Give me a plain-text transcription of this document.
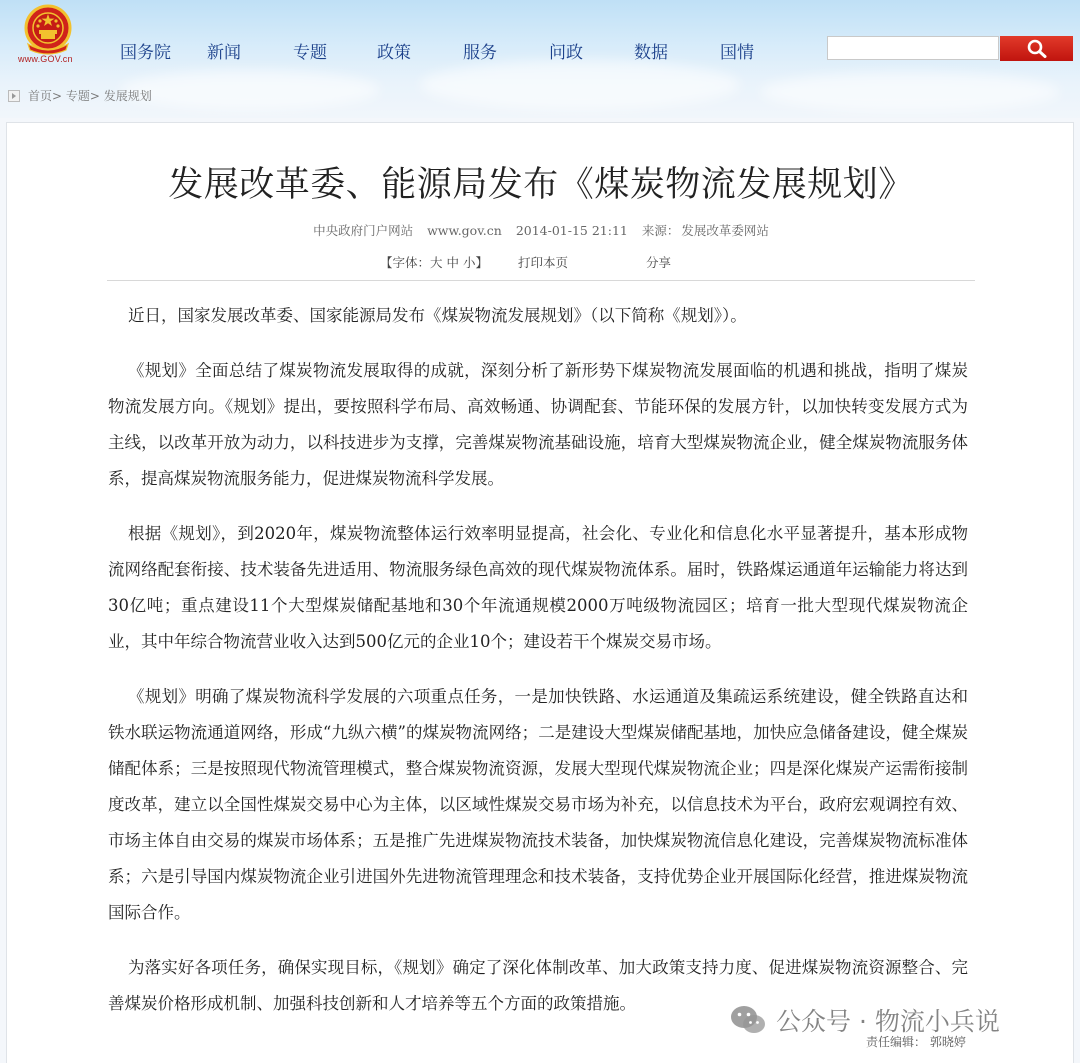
www.GOV.cn	国务院 新闻	专题	政策	服务	问政	数据	国情
首页 > 专题 > 发展规划
发展改革委、能源局发布《煤炭物流发展规划》
中央政府门户网站 www.gov.cn 2014-01-15 21:11 来源： 发展改革委网站
【字体：大 中 小】 打印本页	分享

近日，国家发展改革委、国家能源局发布《煤炭物流发展规划》（以下简称《规划》）。

《规划》全面总结了煤炭物流发展取得的成就，深刻分析了新形势下煤炭物流发展面临的机遇和挑战，指明了煤炭物流发展方向。《规划》提出，要按照科学布局、高效畅通、协调配套、节能环保的发展方针，以加快转变发展方式为主线，以改革开放为动力，以科技进步为支撑，完善煤炭物流基础设施，培育大型煤炭物流企业，健全煤炭物流服务体系，提高煤炭物流服务能力，促进煤炭物流科学发展。

根据《规划》，到2020年，煤炭物流整体运行效率明显提高，社会化、专业化和信息化水平显著提升，基本形成物流网络配套衔接、技术装备先进适用、物流服务绿色高效的现代煤炭物流体系。届时，铁路煤运通道年运输能力将达到30亿吨；重点建设11个大型煤炭储配基地和30个年流通规模2000万吨级物流园区；培育一批大型现代煤炭物流企业，其中年综合物流营业收入达到500亿元的企业10个；建设若干个煤炭交易市场。

《规划》明确了煤炭物流科学发展的六项重点任务，一是加快铁路、水运通道及集疏运系统建设，健全铁路直达和铁水联运物流通道网络，形成“九纵六横”的煤炭物流网络；二是建设大型煤炭储配基地，加快应急储备建设，健全煤炭储配体系；三是按照现代物流管理模式，整合煤炭物流资源，发展大型现代煤炭物流企业；四是深化煤炭产运需衔接制度改革，建立以全国性煤炭交易中心为主体，以区域性煤炭交易市场为补充，以信息技术为平台，政府宏观调控有效、市场主体自由交易的煤炭市场体系；五是推广先进煤炭物流技术装备，加快煤炭物流信息化建设，完善煤炭物流标准体系；六是引导国内煤炭物流企业引进国外先进物流管理理念和技术装备，支持优势企业开展国际化经营，推进煤炭物流国际合作。

为落实好各项任务，确保实现目标，《规划》确定了深化体制改革、加大政策支持力度、促进煤炭物流资源整合、完善煤炭价格形成机制、加强科技创新和人才培养等五个方面的政策措施。

公众号 · 物流小兵说
责任编辑： 郭晓婷
